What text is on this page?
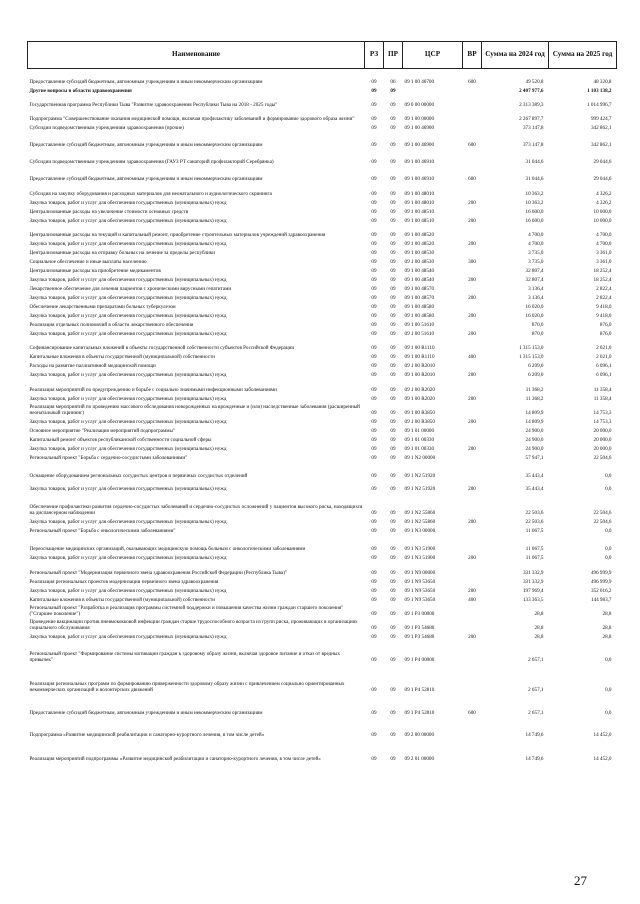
Наименование	РЗ	ПР	ЦСР	ВР	Сумма на 2024 год	Сумма на 2025 год

Предоставление субсидий бюджетным, автономным учреждениям и иным некоммерческим организациям	09	06	09 1 00 46700	600	49 520,8	48 320,8
Другие вопросы в области здравоохранения	09	09			2 407 977,6	1 103 138,2
Государственная программа Республики Тыва "Развитие здравоохранения Республики Тыва на 2018 - 2025 годы"	09	09	09 0 00 00000		2 313 389,3	1 014 996,7
Подпрограмма "Совершенствование оказания медицинской помощи, включая профилактику заболеваний и формирование здорового образа жизни"	09	09	09 1 00 00000		2 267 897,7	999 424,7
Субсидии подведомственным учреждениям здравоохранения (прочие)	09	09	09 1 00 46900		373 147,8	342 862,1
Предоставление субсидий бюджетным, автономным учреждениям и иным некоммерческим организациям	09	09	09 1 00 46900	600	373 147,8	342 862,1
Субсидии подведомственным учреждениям здравоохранения (ГАУЗ РТ санаторий профилакторий Серебрянка)	09	09	09 1 00 46910		31 044,6	29 044,6
Предоставление субсидий бюджетным, автономным учреждениям и иным некоммерческим организациям	09	09	09 1 00 46910	600	31 044,6	29 044,6
Субсидия на закупку оборудования и расходных материалов для неонатального и аудиологического скрининга	09	09	09 1 00 48010		10 363,2	4 326,2
Закупка товаров, работ и услуг для обеспечения государственных (муниципальных) нужд	09	09	09 1 00 48010	200	10 363,2	4 326,2
Централизованные расходы на увеличение стоимости основных средств	09	09	09 1 00 48510		16 600,0	10 000,0
Закупка товаров, работ и услуг для обеспечения государственных (муниципальных) нужд	09	09	09 1 00 48510	200	16 600,0	10 000,0
Централизованные расходы на текущий и капитальный ремонт, приобретение строительных материалов учреждений здравоохранения	09	09	09 1 00 48520		4 700,0	4 700,0
Закупка товаров, работ и услуг для обеспечения государственных (муниципальных) нужд	09	09	09 1 00 48520	200	4 700,0	4 700,0
Централизованные расходы на отправку больных на лечение за пределы республики	09	09	09 1 00 48530		3 735,0	3 361,0
Социальное обеспечение и иные выплаты населению	09	09	09 1 00 48530	300	3 735,0	3 361,0
Централизованные расходы на приобретение медикаментов	09	09	09 1 00 48540		32 807,4	18 252,4
Закупка товаров, работ и услуг для обеспечения государственных (муниципальных) нужд	09	09	09 1 00 48540	200	32 807,4	18 252,4
Лекарственное обеспечение для лечения пациентов с хроническими вирусными гепатитами	09	09	09 1 00 48570		3 136,4	2 822,4
Закупка товаров, работ и услуг для обеспечения государственных (муниципальных) нужд	09	09	09 1 00 48570	200	3 136,4	2 822,4
Обеспечение лекарственными препаратами больных туберкулезом	09	09	09 1 00 48580		16 020,0	9 418,0
Закупка товаров, работ и услуг для обеспечения государственных (муниципальных) нужд	09	09	09 1 00 48580	200	16 020,0	9 418,0
Реализация отдельных полномочий в области лекарственного обеспечения	09	09	09 1 00 51610		870,0	876,0
Закупка товаров, работ и услуг для обеспечения государственных (муниципальных) нужд	09	09	09 1 00 51610	200	870,0	876,0
Софинансирование капитальных вложений в объекты государственной собственности субъектов Российской Федерации	09	09	09 1 00 R1110		1 315 153,0	2 021,0
Капитальные вложения в объекты государственной (муниципальной) собственности	09	09	09 1 00 R1110	400	1 315 153,0	2 021,0
Расходы на развитие паллиативной медицинской помощи	09	09	09 1 00 R2010		6 209,0	6 096,1
Закупка товаров, работ и услуг для обеспечения государственных (муниципальных) нужд	09	09	09 1 00 R2010	200	6 209,0	6 096,1
Реализация мероприятий по предупреждению и борьбе с социально значимыми инфекционными заболеваниями	09	09	09 1 00 R2020		11 368,2	11 358,4
Закупка товаров, работ и услуг для обеспечения государственных (муниципальных) нужд	09	09	09 1 00 R2020	200	11 368,2	11 358,4
Реализация мероприятий по проведению массового обследования новорожденных на врожденные и (или) наследственные заболевания (расширенный неонатальный скрининг)	09	09	09 1 00 R3850		14 809,9	14 753,3
Закупка товаров, работ и услуг для обеспечения государственных (муниципальных) нужд	09	09	09 1 00 R3850	200	14 809,9	14 753,3
Основное мероприятие "Реализация мероприятий подпрограммы"	09	09	09 1 01 00000		24 900,0	20 000,0
Капитальный ремонт объектов республиканской собственности социальной сферы	09	09	09 1 01 00330		24 900,0	20 000,0
Закупка товаров, работ и услуг для обеспечения государственных (муниципальных) нужд	09	09	09 1 01 00330	200	24 900,0	20 000,0
Региональный проект "Борьба с сердечно-сосудистыми заболеваниями"	09	09	09 1 N2 00000		57 947,1	22 504,6
Оснащение оборудованием региональных сосудистых центров и первичных сосудистых отделений	09	09	09 1 N2 51920		35 443,4	0,0
Закупка товаров, работ и услуг для обеспечения государственных (муниципальных) нужд	09	09	09 1 N2 51920	200	35 443,4	0,0
Обеспечение профилактики развития сердечно-сосудистых заболеваний и сердечно-сосудистых осложнений у пациентов высокого риска, находящихся на диспансерном наблюдении	09	09	09 1 N2 55860		22 503,6	22 504,6
Закупка товаров, работ и услуг для обеспечения государственных (муниципальных) нужд	09	09	09 1 N2 55860	200	22 503,6	22 504,6
Региональный проект "Борьба с онкологическими заболеваниями"	09	09	09 1 N3 00000		11 067,5	0,0
Переоснащение медицинских организаций, оказывающих медицинскую помощь больным с онкологическими заболеваниями	09	09	09 1 N3 51900		11 067,5	0,0
Закупка товаров, работ и услуг для обеспечения государственных (муниципальных) нужд	09	09	09 1 N3 51900	200	11 067,5	0,0
Региональный проект "Модернизация первичного звена здравоохранения Российской Федерации (Республика Тыва)"	09	09	09 1 N9 00000		331 332,9	496 999,9
Реализация региональных проектов модернизации первичного звена здравоохранения	09	09	09 1 N9 53650		331 332,9	496 999,9
Закупка товаров, работ и услуг для обеспечения государственных (муниципальных) нужд	09	09	09 1 N9 53650	200	197 969,4	352 016,2
Капитальные вложения в объекты государственной (муниципальной) собственности	09	09	09 1 N9 53650	400	133 363,5	144 983,7
Региональный проект "Разработка и реализация программы системной поддержки и повышения качества жизни граждан старшего поколения" ("Старшее поколение")	09	09	09 1 P3 00000		28,8	28,8
Проведение вакцинации против пневмококковой инфекции граждан старше трудоспособного возраста из групп риска, проживающих в организациях социального обслуживания	09	09	09 1 P3 54680		28,8	28,8
Закупка товаров, работ и услуг для обеспечения государственных (муниципальных) нужд	09	09	09 1 P3 54680	200	28,8	28,8
Региональный проект "Формирование системы мотивации граждан к здоровому образу жизни, включая здоровое питание и отказ от вредных привычек"	09	09	09 1 P4 00000		2 657,1	0,0
Реализация региональных программ по формированию приверженности здоровому образу жизни с привлечением социально ориентированных некоммерческих организаций и волонтерских движений	09	09	09 1 P4 52810		2 657,1	0,0
Предоставление субсидий бюджетным, автономным учреждениям и иным некоммерческим организациям	09	09	09 1 P4 52810	600	2 657,1	0,0
Подпрограмма «Развитие медицинской реабилитации и санаторно-курортного лечения, в том числе детей»	09	09	09 2 00 00000		14 749,6	14 452,0
Реализация мероприятий подпрограммы «Развитие медицинской реабилитации и санаторно-курортного лечения, в том числе детей»	09	09	09 2 01 00000		14 749,6	14 452,0
27
